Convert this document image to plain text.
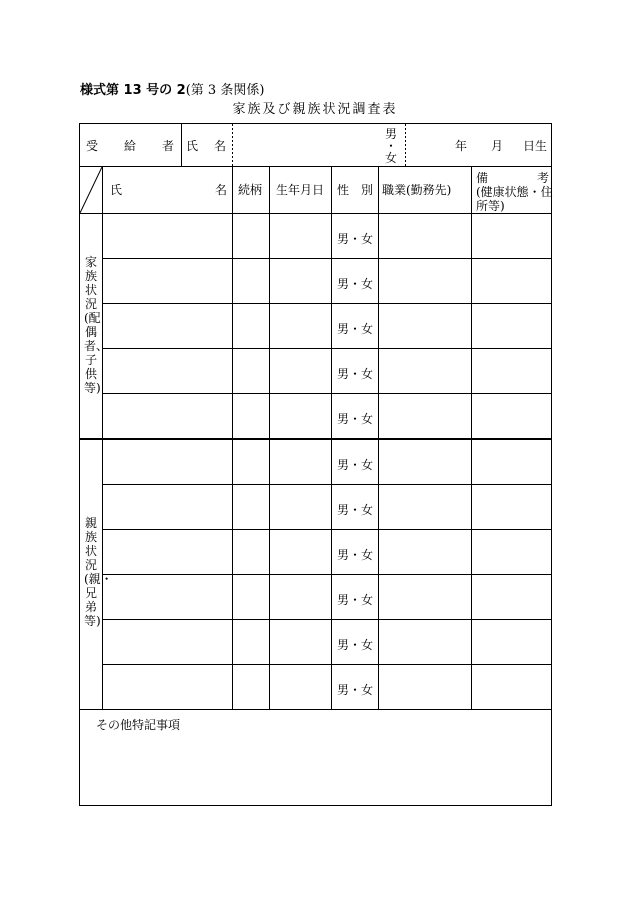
様式第 13 号の 2(第 3 条関係)
家族及び親族状況調査表
受 給 者 氏 名
男
・
女
年 月 日生
氏	名 続柄 生年月日 性　別 職業(勤務先)
備	考
(健康状態・住
所等)
家族状況(配偶者、子供等)
親族状況(親・兄弟等)
男・女
男・女
男・女
男・女
男・女
男・女
男・女
男・女
男・女
男・女
男・女
その他特記事項
